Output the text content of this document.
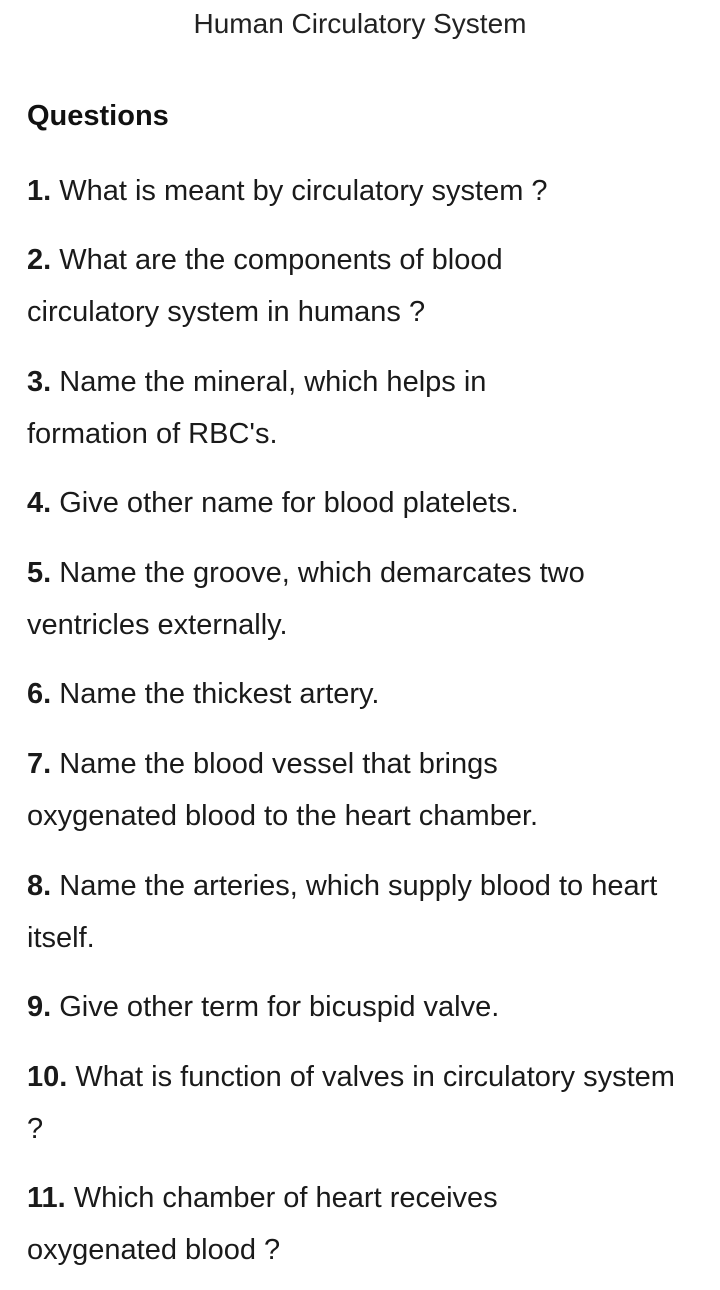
Human Circulatory System
Questions
1. What is meant by circulatory system ?
2. What are the components of blood circulatory system in humans ?
3. Name the mineral, which helps in formation of RBC's.
4. Give other name for blood platelets.
5. Name the groove, which demarcates two ventricles externally.
6. Name the thickest artery.
7. Name the blood vessel that brings oxygenated blood to the heart chamber.
8. Name the arteries, which supply blood to heart itself.
9. Give other term for bicuspid valve.
10. What is function of valves in circulatory system ?
11. Which chamber of heart receives oxygenated blood ?
